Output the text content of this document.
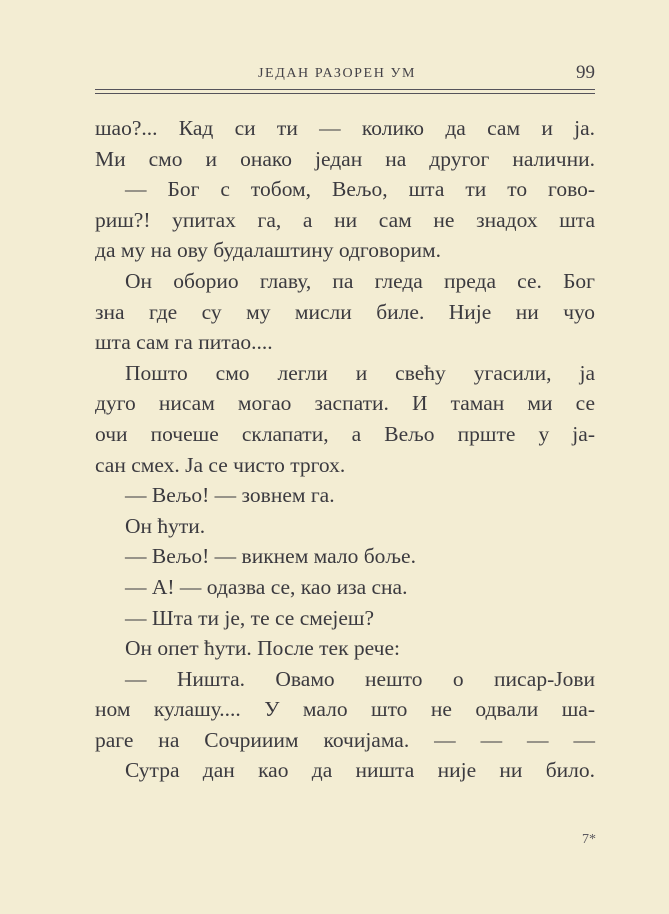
ЈЕДАН РАЗОРЕН УМ	99
шао?... Кад си ти — колико да сам и ја.
Ми смо и онако један на другог налични.
— Бог с тобом, Вељо, шта ти то гово-
риш?! упитах га, а ни сам не знадох шта
да му на ову будалаштину одговорим.
Он оборио главу, па гледа преда се. Бог
зна где су му мисли биле. Није ни чуо
шта сам га питао....
Пошто смо легли и свећу угасили, ја
дуго нисам могао заспати. И таман ми се
очи почеше склапати, а Вељо прште у ја-
сан смех. Ја се чисто тргох.
— Вељо! — зовнем га.
Он ћути.
— Вељо! — викнем мало боље.
— А! — одазва се, као иза сна.
— Шта ти је, те се смејеш?
Он опет ћути. После тек рече:
— Ништа. Овамо нешто о писар-Јови
ном кулашу.... У мало што не одвали ша-
раге на Сочрииим кочијама. — — — —
Сутра дан као да ништа није ни било.
7*
